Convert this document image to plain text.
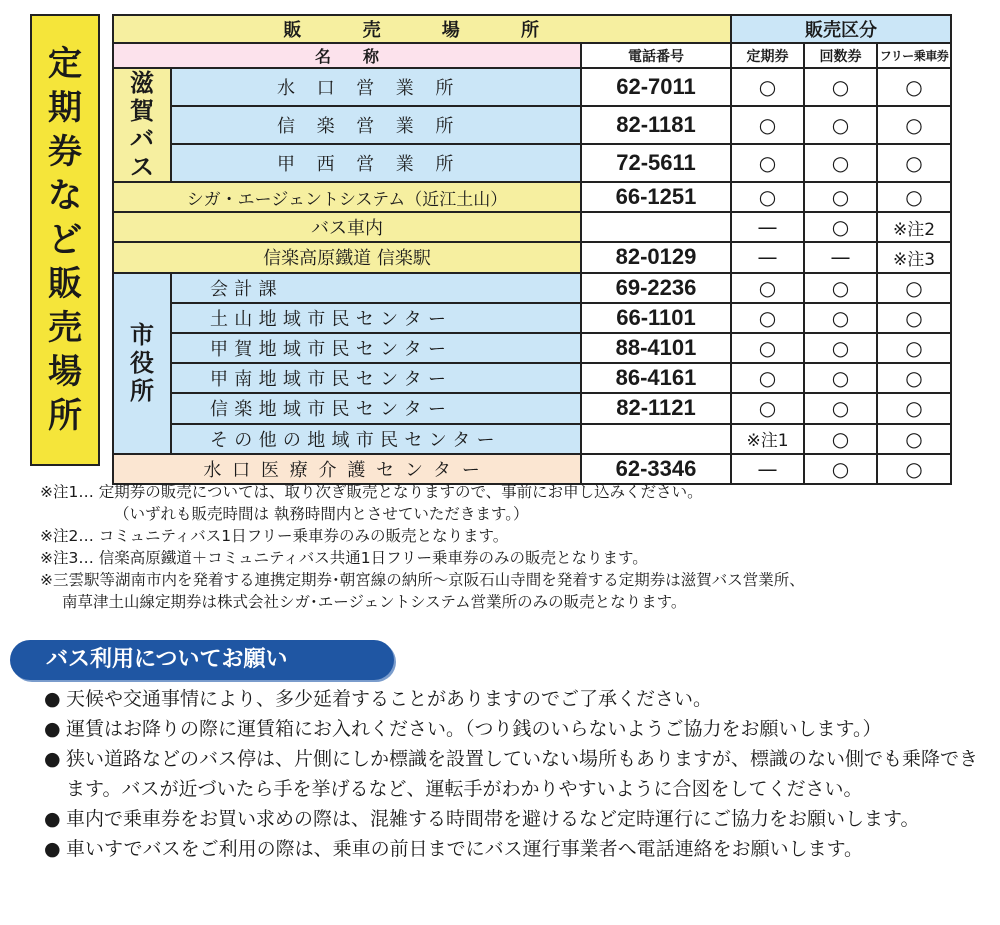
定
期
券
な
ど
販
売
場
所
販　売　場　所			販売区分		
名　　称		電話番号	定期券	回数券	フリー乗車券

滋
賀
バ
ス	水口営業所	62-7011	○	○	○
	信楽営業所	82-1181	○	○	○
	甲西営業所	72-5611	○	○	○
シガ・エージェントシステム（近江土山）		66-1251	○	○	○
バス車内			—	○	※注2
信楽高原鐵道 信楽駅		82-0129	—	—	※注3

市
役
所	会計課	69-2236	○	○	○
	土山地域市民センター	66-1101	○	○	○
	甲賀地域市民センター	88-4101	○	○	○
	甲南地域市民センター	86-4161	○	○	○
	信楽地域市民センター	82-1121	○	○	○
	その他の地域市民センター		※注1	○	○
水口医療介護センター		62-3346	—	○	○
※注1… 定期券の販売については、取り次ぎ販売となりますので、事前にお申し込みください。
（いずれも販売時間は 執務時間内とさせていただきます。）
※注2… コミュニティバス1日フリー乗車券のみの販売となります。
※注3… 信楽高原鐵道＋コミュニティバス共通1日フリー乗車券のみの販売となります。
※三雲駅等湖南市内を発着する連携定期券･朝宮線の納所～京阪石山寺間を発着する定期券は滋賀バス営業所、
南草津土山線定期券は株式会社シガ･エージェントシステム営業所のみの販売となります。
バス利用についてお願い
● 天候や交通事情により、多少延着することがありますのでご了承ください。
● 運賃はお降りの際に運賃箱にお入れください。（つり銭のいらないようご協力をお願いします。）
● 狭い道路などのバス停は、片側にしか標識を設置していない場所もありますが、標識のない側でも乗降できます。バスが近づいたら手を挙げるなど、運転手がわかりやすいように合図をしてください。
● 車内で乗車券をお買い求めの際は、混雑する時間帯を避けるなど定時運行にご協力をお願いします。
● 車いすでバスをご利用の際は、乗車の前日までにバス運行事業者へ電話連絡をお願いします。
